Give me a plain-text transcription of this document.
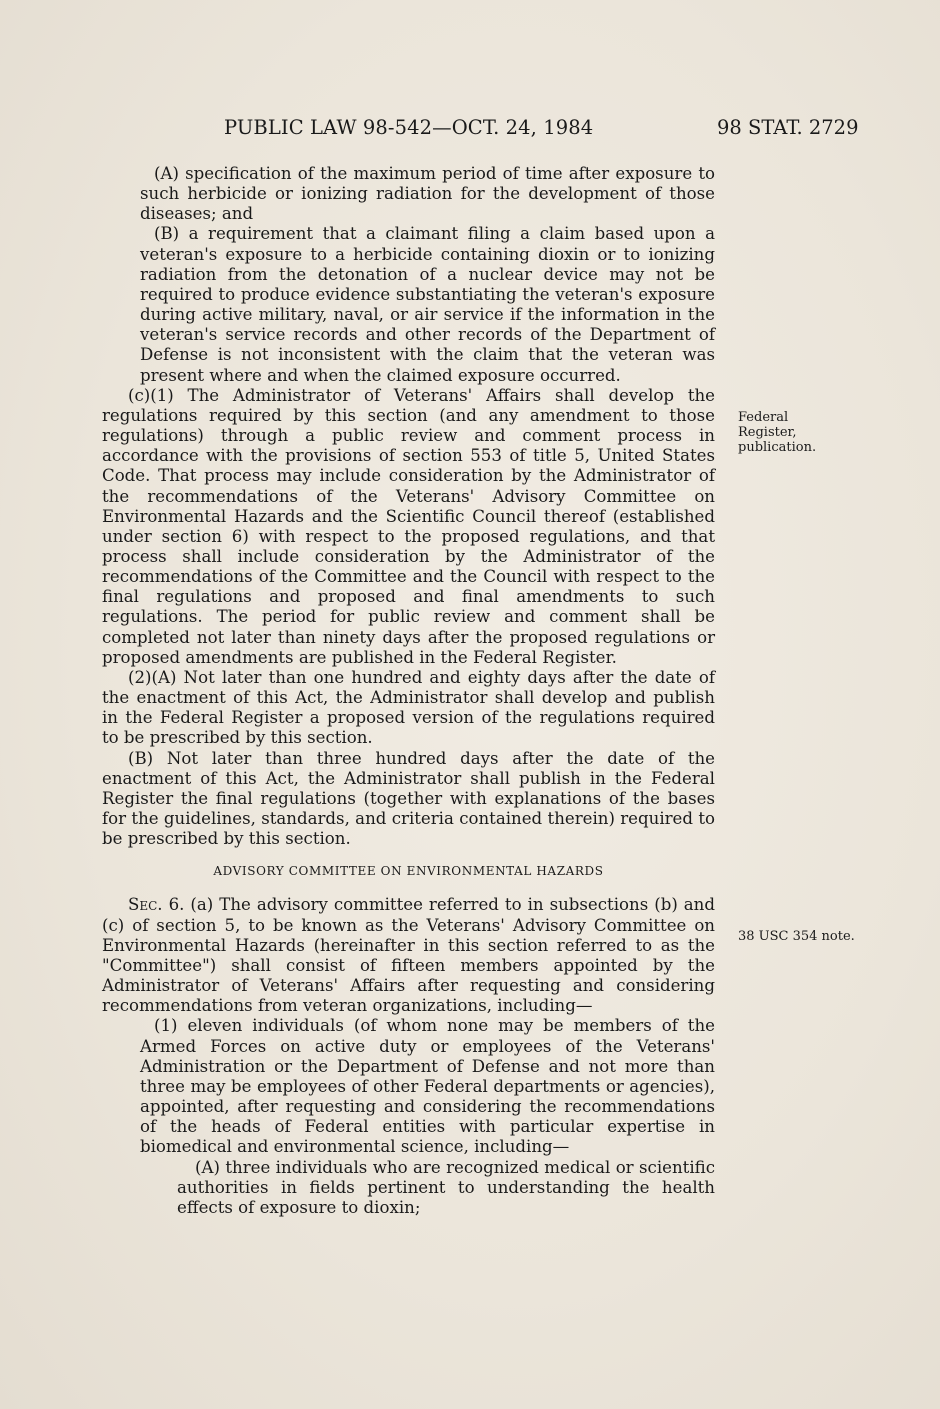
PUBLIC LAW 98-542—OCT. 24, 1984	98 STAT. 2729

(A) specification of the maximum period of time after exposure to such herbicide or ionizing radiation for the development of those diseases; and

(B) a requirement that a claimant filing a claim based upon a veteran's exposure to a herbicide containing dioxin or to ionizing radiation from the detonation of a nuclear device may not be required to produce evidence substantiating the veteran's exposure during active military, naval, or air service if the information in the veteran's service records and other records of the Department of Defense is not inconsistent with the claim that the veteran was present where and when the claimed exposure occurred.

(c)(1) The Administrator of Veterans' Affairs shall develop the regulations required by this section (and any amendment to those regulations) through a public review and comment process in accordance with the provisions of section 553 of title 5, United States Code. That process may include consideration by the Administrator of the recommendations of the Veterans' Advisory Committee on Environmental Hazards and the Scientific Council thereof (established under section 6) with respect to the proposed regulations, and that process shall include consideration by the Administrator of the recommendations of the Committee and the Council with respect to the final regulations and proposed and final amendments to such regulations. The period for public review and comment shall be completed not later than ninety days after the proposed regulations or proposed amendments are published in the Federal Register.

(2)(A) Not later than one hundred and eighty days after the date of the enactment of this Act, the Administrator shall develop and publish in the Federal Register a proposed version of the regulations required to be prescribed by this section.

(B) Not later than three hundred days after the date of the enactment of this Act, the Administrator shall publish in the Federal Register the final regulations (together with explanations of the bases for the guidelines, standards, and criteria contained therein) required to be prescribed by this section.

ADVISORY COMMITTEE ON ENVIRONMENTAL HAZARDS

Sec. 6. (a) The advisory committee referred to in subsections (b) and (c) of section 5, to be known as the Veterans' Advisory Committee on Environmental Hazards (hereinafter in this section referred to as the "Committee") shall consist of fifteen members appointed by the Administrator of Veterans' Affairs after requesting and considering recommendations from veteran organizations, including—

(1) eleven individuals (of whom none may be members of the Armed Forces on active duty or employees of the Veterans' Administration or the Department of Defense and not more than three may be employees of other Federal departments or agencies), appointed, after requesting and considering the recommendations of the heads of Federal entities with particular expertise in biomedical and environmental science, including—

(A) three individuals who are recognized medical or scientific authorities in fields pertinent to understanding the health effects of exposure to dioxin;

Federal
Register,
publication.
38 USC 354 note.
